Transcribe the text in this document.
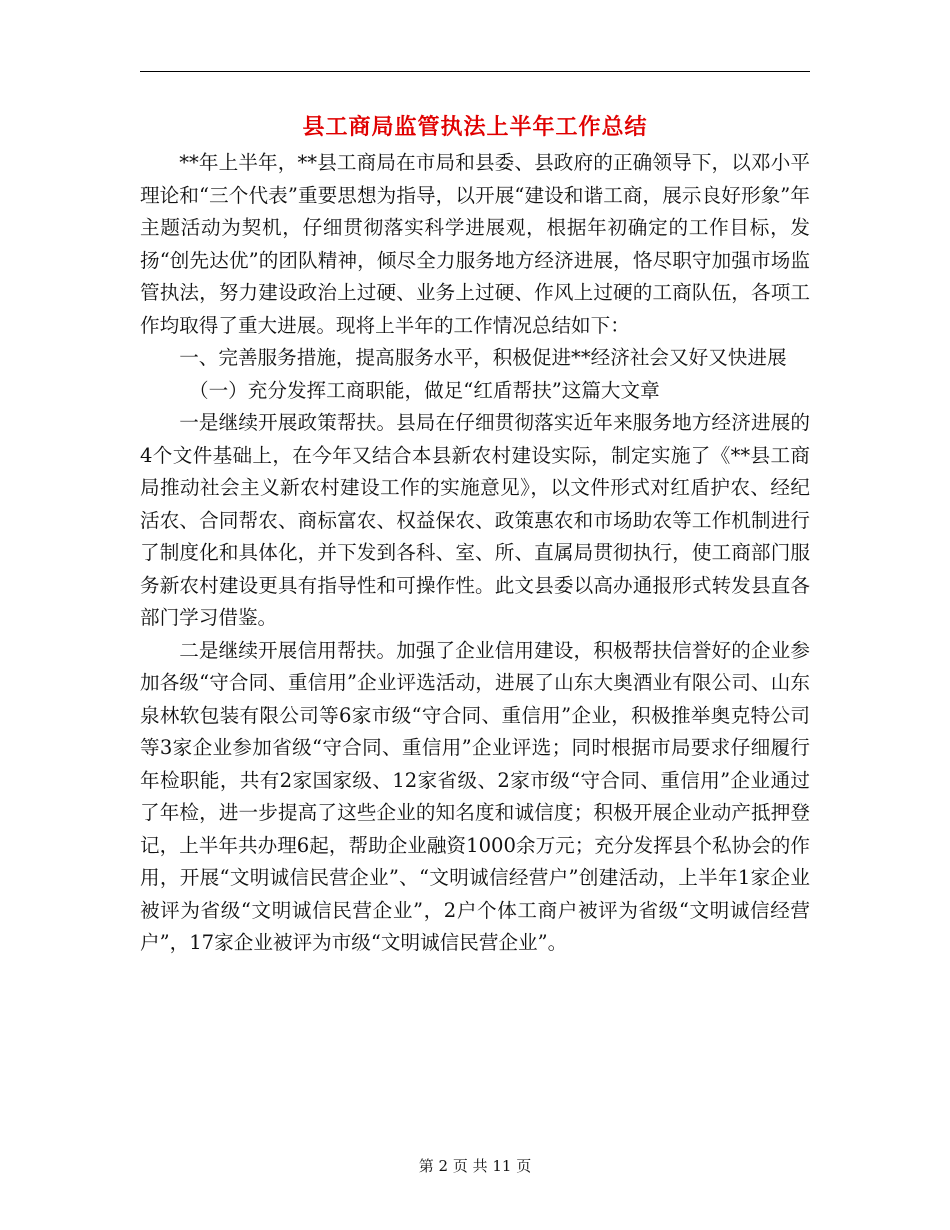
县工商局监管执法上半年工作总结

**年上半年，**县工商局在市局和县委、县政府的正确领导下，以邓小平理论和“三个代表”重要思想为指导，以开展“建设和谐工商，展示良好形象”年主题活动为契机，仔细贯彻落实科学进展观，根据年初确定的工作目标，发扬“创先达优”的团队精神，倾尽全力服务地方经济进展，恪尽职守加强市场监管执法，努力建设政治上过硬、业务上过硬、作风上过硬的工商队伍，各项工作均取得了重大进展。现将上半年的工作情况总结如下：

一、完善服务措施，提高服务水平，积极促进**经济社会又好又快进展

（一）充分发挥工商职能，做足“红盾帮扶”这篇大文章

一是继续开展政策帮扶。县局在仔细贯彻落实近年来服务地方经济进展的4个文件基础上，在今年又结合本县新农村建设实际，制定实施了《**县工商局推动社会主义新农村建设工作的实施意见》，以文件形式对红盾护农、经纪活农、合同帮农、商标富农、权益保农、政策惠农和市场助农等工作机制进行了制度化和具体化，并下发到各科、室、所、直属局贯彻执行，使工商部门服务新农村建设更具有指导性和可操作性。此文县委以高办通报形式转发县直各部门学习借鉴。

二是继续开展信用帮扶。加强了企业信用建设，积极帮扶信誉好的企业参加各级“守合同、重信用”企业评选活动，进展了山东大奥酒业有限公司、山东泉林软包装有限公司等6家市级“守合同、重信用”企业，积极推举奥克特公司等3家企业参加省级“守合同、重信用”企业评选；同时根据市局要求仔细履行年检职能，共有2家国家级、12家省级、2家市级“守合同、重信用”企业通过了年检，进一步提高了这些企业的知名度和诚信度；积极开展企业动产抵押登记，上半年共办理6起，帮助企业融资1000余万元；充分发挥县个私协会的作用，开展“文明诚信民营企业”、“文明诚信经营户”创建活动，上半年1家企业被评为省级“文明诚信民营企业”，2户个体工商户被评为省级“文明诚信经营户”，17家企业被评为市级“文明诚信民营企业”。

第 2 页 共 11 页
